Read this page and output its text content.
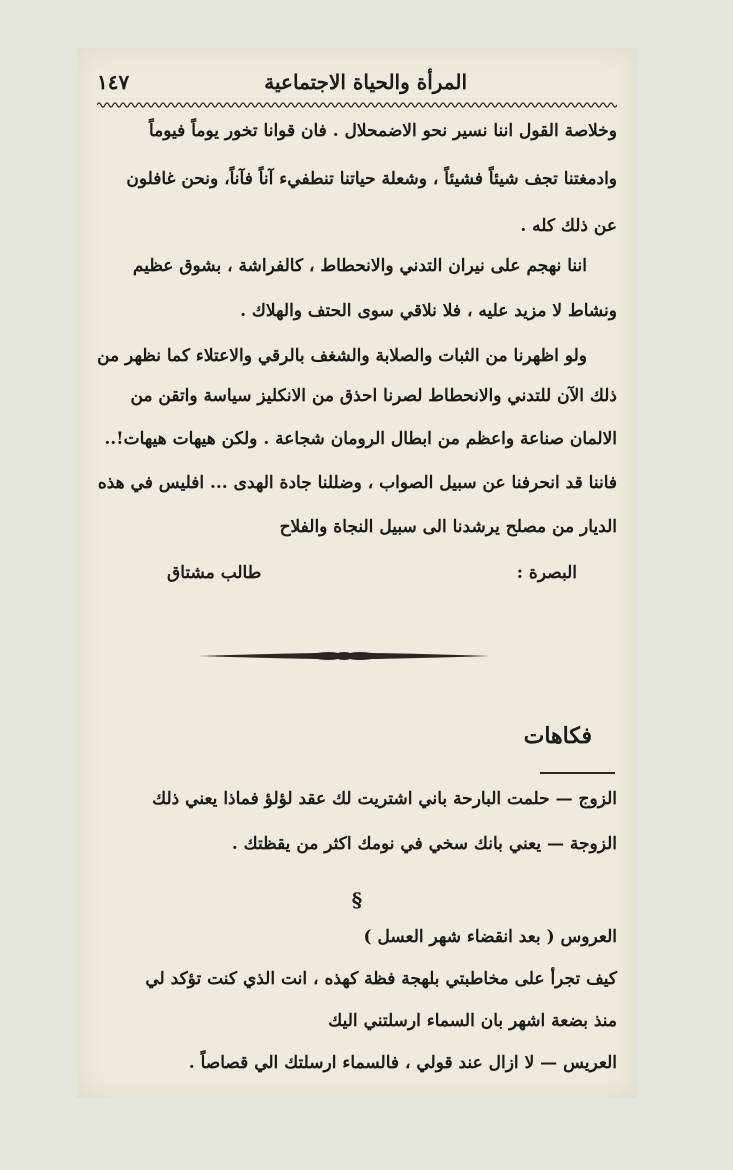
المرأة والحياة الاجتماعية
١٤٧
وخلاصة القول اننا نسير نحو الاضمحلال . فان قوانا تخور يوماً فيوماً
وادمغتنا تجف شيئاً فشيئاً ، وشعلة حياتنا تنطفيء آناً فآناً، ونحن غافلون
عن ذلك كله .
اننا نهجم على نيران التدني والانحطاط ، كالفراشة ، بشوق عظيم
ونشاط لا مزيد عليه ، فلا نلاقي سوى الحتف والهلاك .
ولو اظهرنا من الثبات والصلابة والشغف بالرقي والاعتلاء كما نظهر من
ذلك الآن للتدني والانحطاط لصرنا احذق من الانكليز سياسة واتقن من
الالمان صناعة واعظم من ابطال الرومان شجاعة . ولكن هيهات هيهات!..
فاننا قد انحرفنا عن سبيل الصواب ، وضللنا جادة الهدى ... افليس في هذه
الديار من مصلح يرشدنا الى سبيل النجاة والفلاح
البصرة :
طالب مشتاق
فكاهات
الزوج — حلمت البارحة باني اشتريت لك عقد لؤلؤ فماذا يعني ذلك
الزوجة — يعني بانك سخي في نومك اكثر من يقظتك .
§
العروس ( بعد انقضاء شهر العسل )
كيف تجرأ على مخاطبتي بلهجة فظة كهذه ، انت الذي كنت تؤكد لي
منذ بضعة اشهر بان السماء ارسلتني اليك
العريس — لا ازال عند قولي ، فالسماء ارسلتك الي قصاصاً .
